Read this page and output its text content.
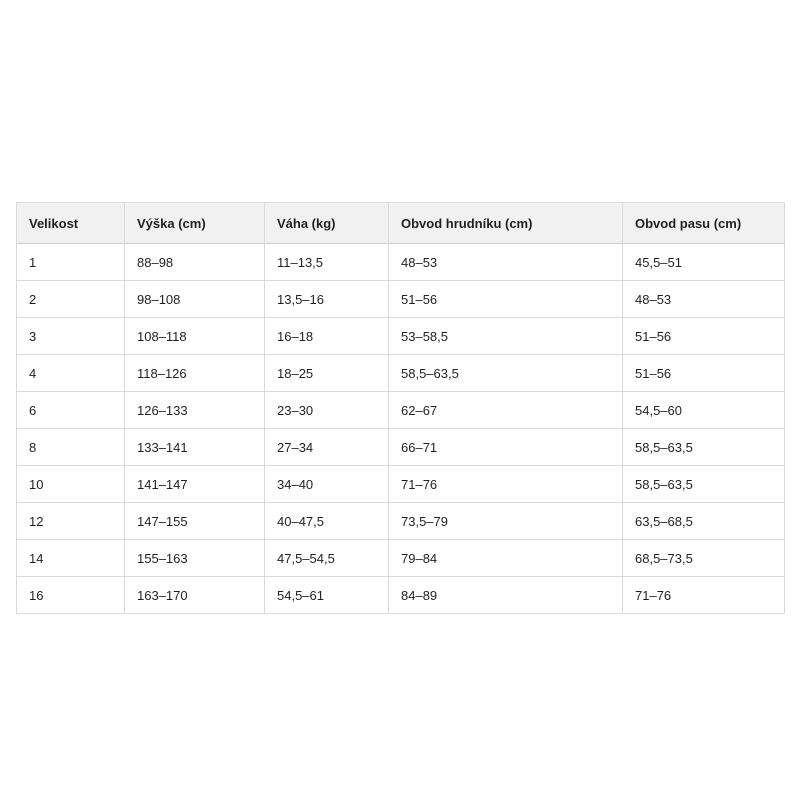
Velikost	Výška (cm)	Váha (kg)	Obvod hrudníku (cm)	Obvod pasu (cm)
1	88–98	11–13,5	48–53	45,5–51
2	98–108	13,5–16	51–56	48–53
3	108–118	16–18	53–58,5	51–56
4	118–126	18–25	58,5–63,5	51–56
6	126–133	23–30	62–67	54,5–60
8	133–141	27–34	66–71	58,5–63,5
10	141–147	34–40	71–76	58,5–63,5
12	147–155	40–47,5	73,5–79	63,5–68,5
14	155–163	47,5–54,5	79–84	68,5–73,5
16	163–170	54,5–61	84–89	71–76
